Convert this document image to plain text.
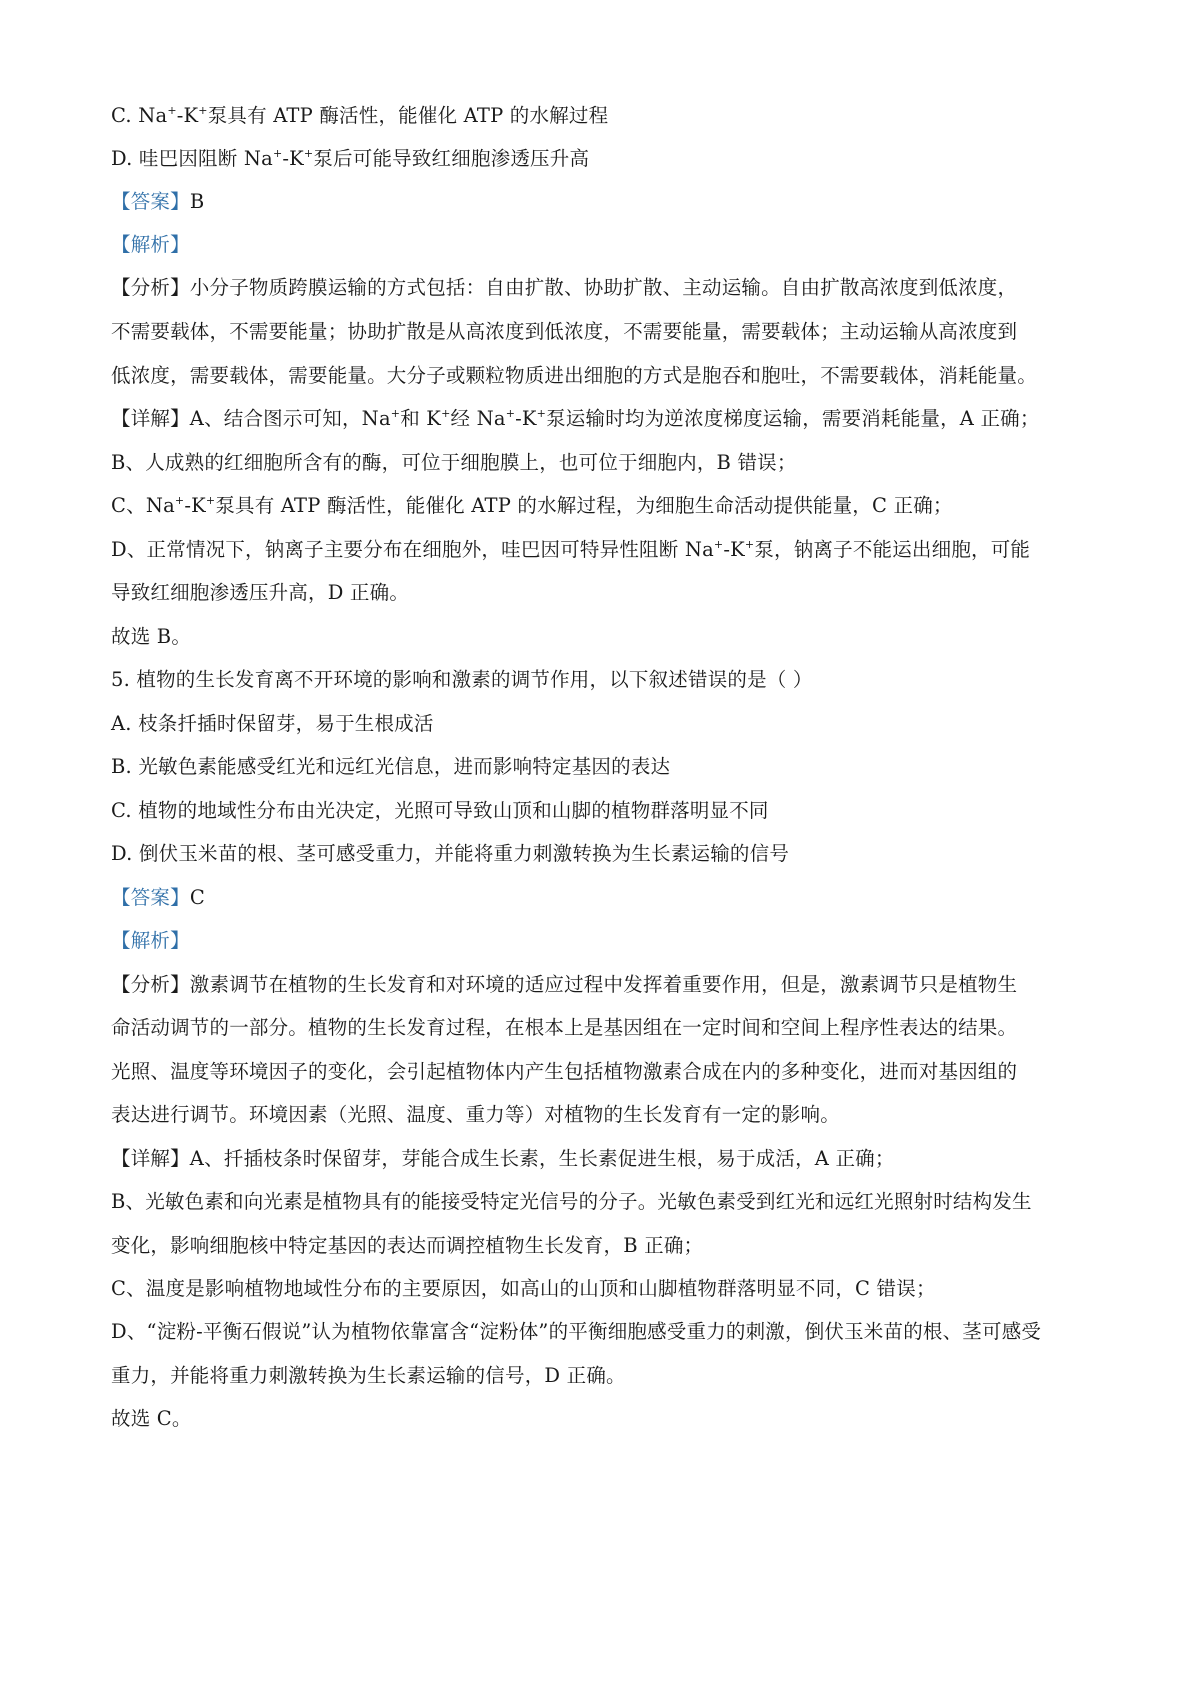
C. Na+-K+泵具有 ATP 酶活性，能催化 ATP 的水解过程
D. 哇巴因阻断 Na+-K+泵后可能导致红细胞渗透压升高
【答案】B
【解析】
【分析】小分子物质跨膜运输的方式包括：自由扩散、协助扩散、主动运输。自由扩散高浓度到低浓度，
不需要载体，不需要能量；协助扩散是从高浓度到低浓度，不需要能量，需要载体；主动运输从高浓度到
低浓度，需要载体，需要能量。大分子或颗粒物质进出细胞的方式是胞吞和胞吐，不需要载体，消耗能量。
【详解】A、结合图示可知，Na+和 K+经 Na+-K+泵运输时均为逆浓度梯度运输，需要消耗能量，A 正确；
B、人成熟的红细胞所含有的酶，可位于细胞膜上，也可位于细胞内，B 错误；
C、Na+-K+泵具有 ATP 酶活性，能催化 ATP 的水解过程，为细胞生命活动提供能量，C 正确；
D、正常情况下，钠离子主要分布在细胞外，哇巴因可特异性阻断 Na+-K+泵，钠离子不能运出细胞，可能
导致红细胞渗透压升高，D 正确。
故选 B。
5. 植物的生长发育离不开环境的影响和激素的调节作用，以下叙述错误的是（ ）
A. 枝条扦插时保留芽，易于生根成活
B. 光敏色素能感受红光和远红光信息，进而影响特定基因的表达
C. 植物的地域性分布由光决定，光照可导致山顶和山脚的植物群落明显不同
D. 倒伏玉米苗的根、茎可感受重力，并能将重力刺激转换为生长素运输的信号
【答案】C
【解析】
【分析】激素调节在植物的生长发育和对环境的适应过程中发挥着重要作用，但是，激素调节只是植物生
命活动调节的一部分。植物的生长发育过程，在根本上是基因组在一定时间和空间上程序性表达的结果。
光照、温度等环境因子的变化，会引起植物体内产生包括植物激素合成在内的多种变化，进而对基因组的
表达进行调节。环境因素（光照、温度、重力等）对植物的生长发育有一定的影响。
【详解】A、扦插枝条时保留芽，芽能合成生长素，生长素促进生根，易于成活，A 正确；
B、光敏色素和向光素是植物具有的能接受特定光信号的分子。光敏色素受到红光和远红光照射时结构发生
变化，影响细胞核中特定基因的表达而调控植物生长发育，B 正确；
C、温度是影响植物地域性分布的主要原因，如高山的山顶和山脚植物群落明显不同，C 错误；
D、“淀粉-平衡石假说”认为植物依靠富含“淀粉体”的平衡细胞感受重力的刺激，倒伏玉米苗的根、茎可感受
重力，并能将重力刺激转换为生长素运输的信号，D 正确。
故选 C。
